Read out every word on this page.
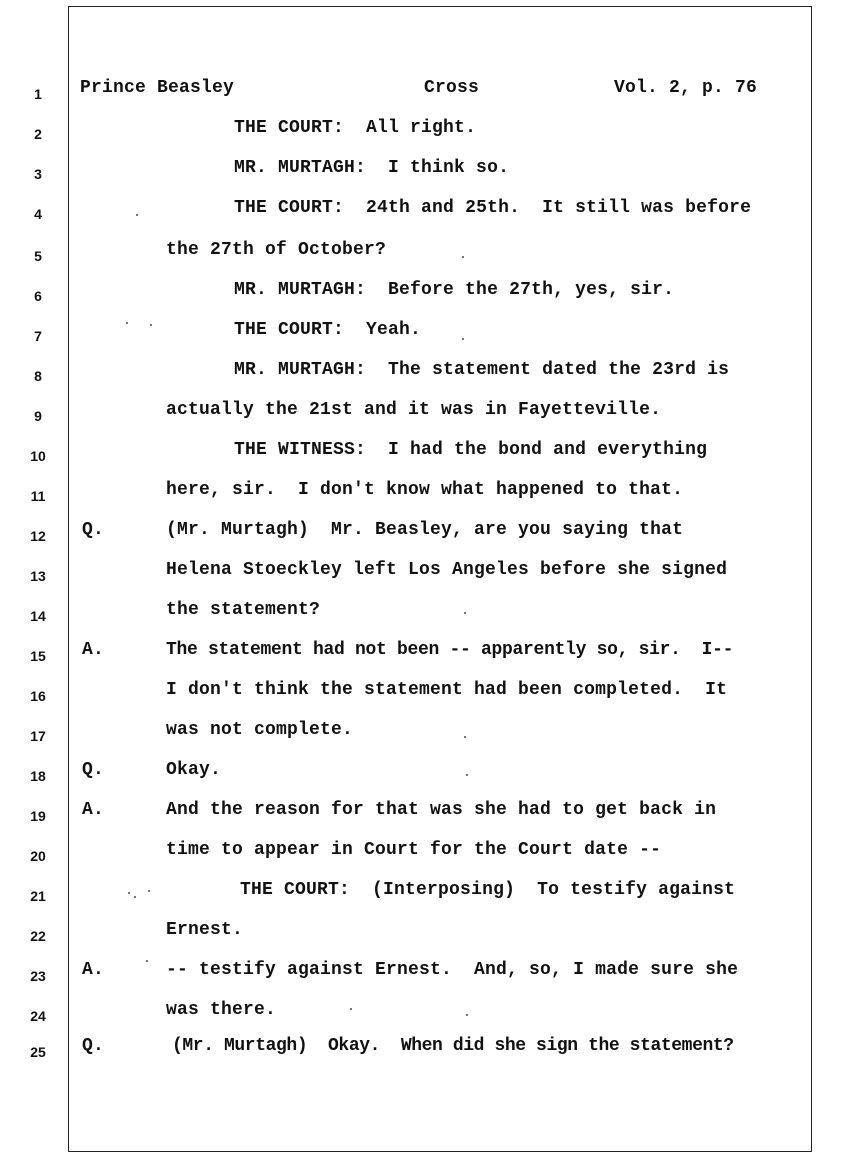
1	Prince Beasley	Cross	Vol. 2, p. 76
2	THE COURT: All right.
3	MR. MURTAGH: I think so.
4	THE COURT: 24th and 25th.  It still was before
5	the 27th of October?
6	MR. MURTAGH: Before the 27th, yes, sir.
7	THE COURT: Yeah.
8	MR. MURTAGH: The statement dated the 23rd is
9	actually the 21st and it was in Fayetteville.
10	THE WITNESS: I had the bond and everything
11	here, sir.  I don't know what happened to that.
12 Q.	(Mr. Murtagh)  Mr. Beasley, are you saying that
13	Helena Stoeckley left Los Angeles before she signed
14	the statement?
15 A.	The statement had not been -- apparently so, sir.  I--
16	I don't think the statement had been completed.  It
17	was not complete.
18 Q.	Okay.
19 A.	And the reason for that was she had to get back in
20	time to appear in Court for the Court date --
21	THE COURT: (Interposing)  To testify against
22	Ernest.
23 A.	-- testify against Ernest.  And, so, I made sure she
24	was there.
25 Q.	(Mr. Murtagh)  Okay.  When did she sign the statement?
